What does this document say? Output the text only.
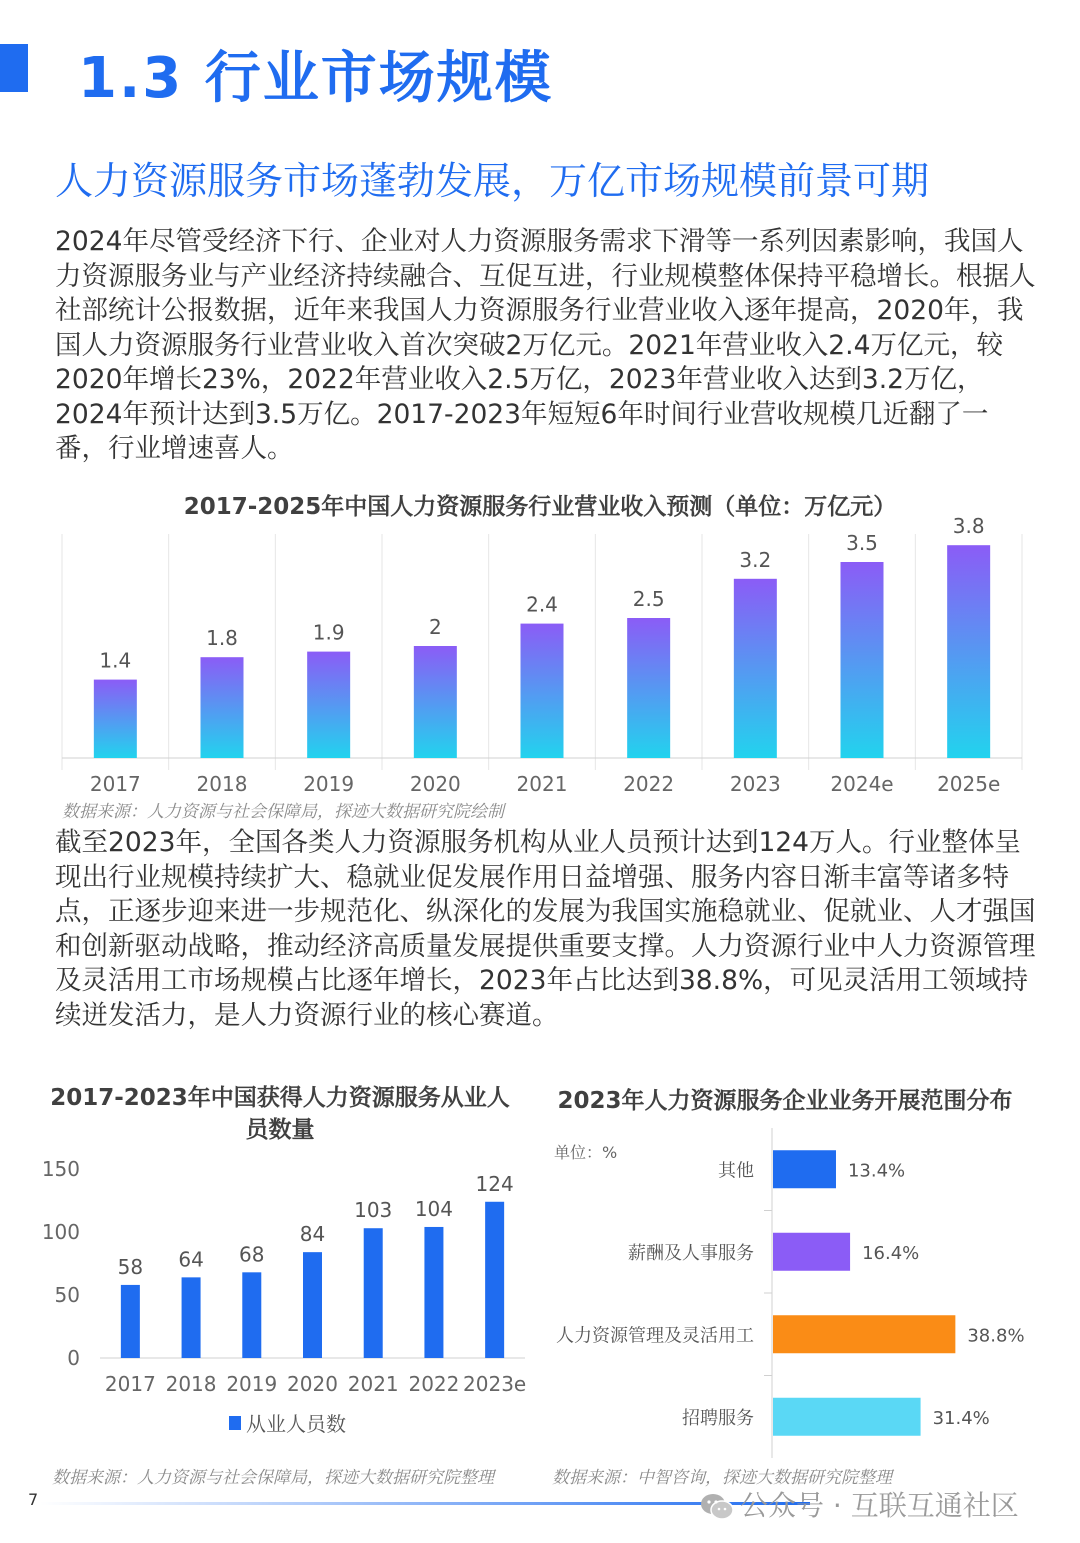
1.3 行业市场规模
人力资源服务市场蓬勃发展，万亿市场规模前景可期

2024年尽管受经济下行、企业对人力资源服务需求下滑等一系列因素影响，我国人力资源服务业与产业经济持续融合、互促互进，行业规模整体保持平稳增长。根据人社部统计公报数据，近年来我国人力资源服务行业营业收入逐年提高，2020年，我国人力资源服务行业营业收入首次突破2万亿元。2021年营业收入2.4万亿元，较2020年增长23%，2022年营业收入2.5万亿，2023年营业收入达到3.2万亿，2024年预计达到3.5万亿。2017-2023年短短6年时间行业营收规模几近翻了一番，行业增速喜人。

2017-2025年中国人力资源服务行业营业收入预测（单位：万亿元）
1.4
2017
1.8
2018
1.9
2019
2
2020
2.4
2021
2.5
2022
3.2
2023
3.5
2024e
3.8
2025e
数据来源：人力资源与社会保障局，探迹大数据研究院绘制

截至2023年，全国各类人力资源服务机构从业人员预计达到124万人。行业整体呈现出行业规模持续扩大、稳就业促发展作用日益增强、服务内容日渐丰富等诸多特点，正逐步迎来进一步规范化、纵深化的发展为我国实施稳就业、促就业、人才强国和创新驱动战略，推动经济高质量发展提供重要支撑。人力资源行业中人力资源管理及灵活用工市场规模占比逐年增长，2023年占比达到38.8%，可见灵活用工领域持续迸发活力，是人力资源行业的核心赛道。

2017-2023年中国获得人力资源服务从业人员数量
0
50
100
150
58
2017
64
2018
68
2019
84
2020
103
2021
104
2022
124
2023e
从业人员数
数据来源：人力资源与社会保障局，探迹大数据研究院整理
2023年人力资源服务企业业务开展范围分布
单位：%
13.4%
其他
16.4%
薪酬及人事服务
38.8%
人力资源管理及灵活用工
31.4%
招聘服务
数据来源：中智咨询，探迹大数据研究院整理
7	公众号 · 互联互通社区
